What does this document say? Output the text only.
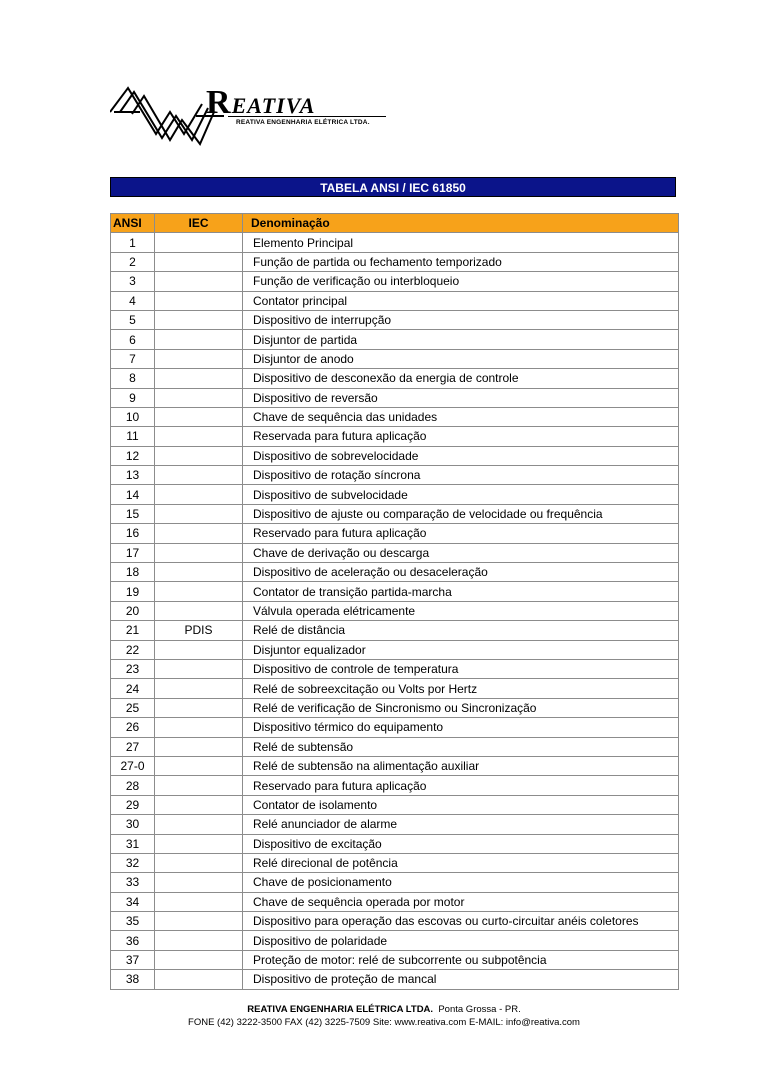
REATIVA
REATIVA ENGENHARIA ELÉTRICA LTDA.
TABELA ANSI / IEC 61850
ANSI	IEC	Denominação
1		Elemento Principal
2		Função de partida ou fechamento temporizado
3		Função de verificação ou interbloqueio
4		Contator principal
5		Dispositivo de interrupção
6		Disjuntor de partida
7		Disjuntor de anodo
8		Dispositivo de desconexão da energia de controle
9		Dispositivo de reversão
10		Chave de sequência das unidades
11		Reservada para futura aplicação
12		Dispositivo de sobrevelocidade
13		Dispositivo de rotação síncrona
14		Dispositivo de subvelocidade
15		Dispositivo de ajuste ou comparação de velocidade ou frequência
16		Reservado para futura aplicação
17		Chave de derivação ou descarga
18		Dispositivo de aceleração ou desaceleração
19		Contator de transição partida-marcha
20		Válvula operada elétricamente
21	PDIS	Relé de distância
22		Disjuntor equalizador
23		Dispositivo de controle de temperatura
24		Relé de sobreexcitação ou Volts por Hertz
25		Relé de verificação de Sincronismo ou Sincronização
26		Dispositivo térmico do equipamento
27		Relé de subtensão
27-0		Relé de subtensão na alimentação auxiliar
28		Reservado para futura aplicação
29		Contator de isolamento
30		Relé anunciador de alarme
31		Dispositivo de excitação
32		Relé direcional de potência
33		Chave de posicionamento
34		Chave de sequência operada por motor
35		Dispositivo para operação das escovas ou curto-circuitar anéis coletores
36		Dispositivo de polaridade
37		Proteção de motor: relé de subcorrente ou subpotência
38		Dispositivo de proteção de mancal
REATIVA ENGENHARIA ELÉTRICA LTDA. Ponta Grossa - PR.
FONE (42) 3222-3500 FAX (42) 3225-7509 Site: www.reativa.com E-MAIL: info@reativa.com
